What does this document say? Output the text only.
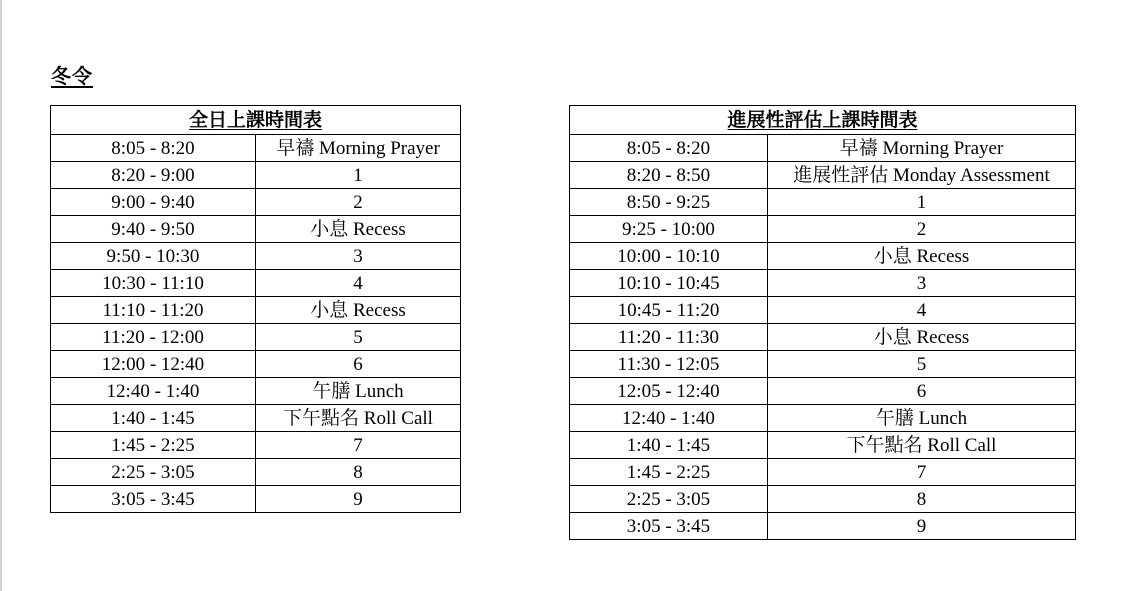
冬令
全日上課時間表	
8:05 - 8:20	早禱 Morning Prayer
8:20 - 9:00	1
9:00 - 9:40	2
9:40 - 9:50	小息 Recess
9:50 - 10:30	3
10:30 - 11:10	4
11:10 - 11:20	小息 Recess
11:20 - 12:00	5
12:00 - 12:40	6
12:40 - 1:40	午膳 Lunch
1:40 - 1:45	下午點名 Roll Call
1:45 - 2:25	7
2:25 - 3:05	8
3:05 - 3:45	9
進展性評估上課時間表	
8:05 - 8:20	早禱 Morning Prayer
8:20 - 8:50	進展性評估 Monday Assessment
8:50 - 9:25	1
9:25 - 10:00	2
10:00 - 10:10	小息 Recess
10:10 - 10:45	3
10:45 - 11:20	4
11:20 - 11:30	小息 Recess
11:30 - 12:05	5
12:05 - 12:40	6
12:40 - 1:40	午膳 Lunch
1:40 - 1:45	下午點名 Roll Call
1:45 - 2:25	7
2:25 - 3:05	8
3:05 - 3:45	9
